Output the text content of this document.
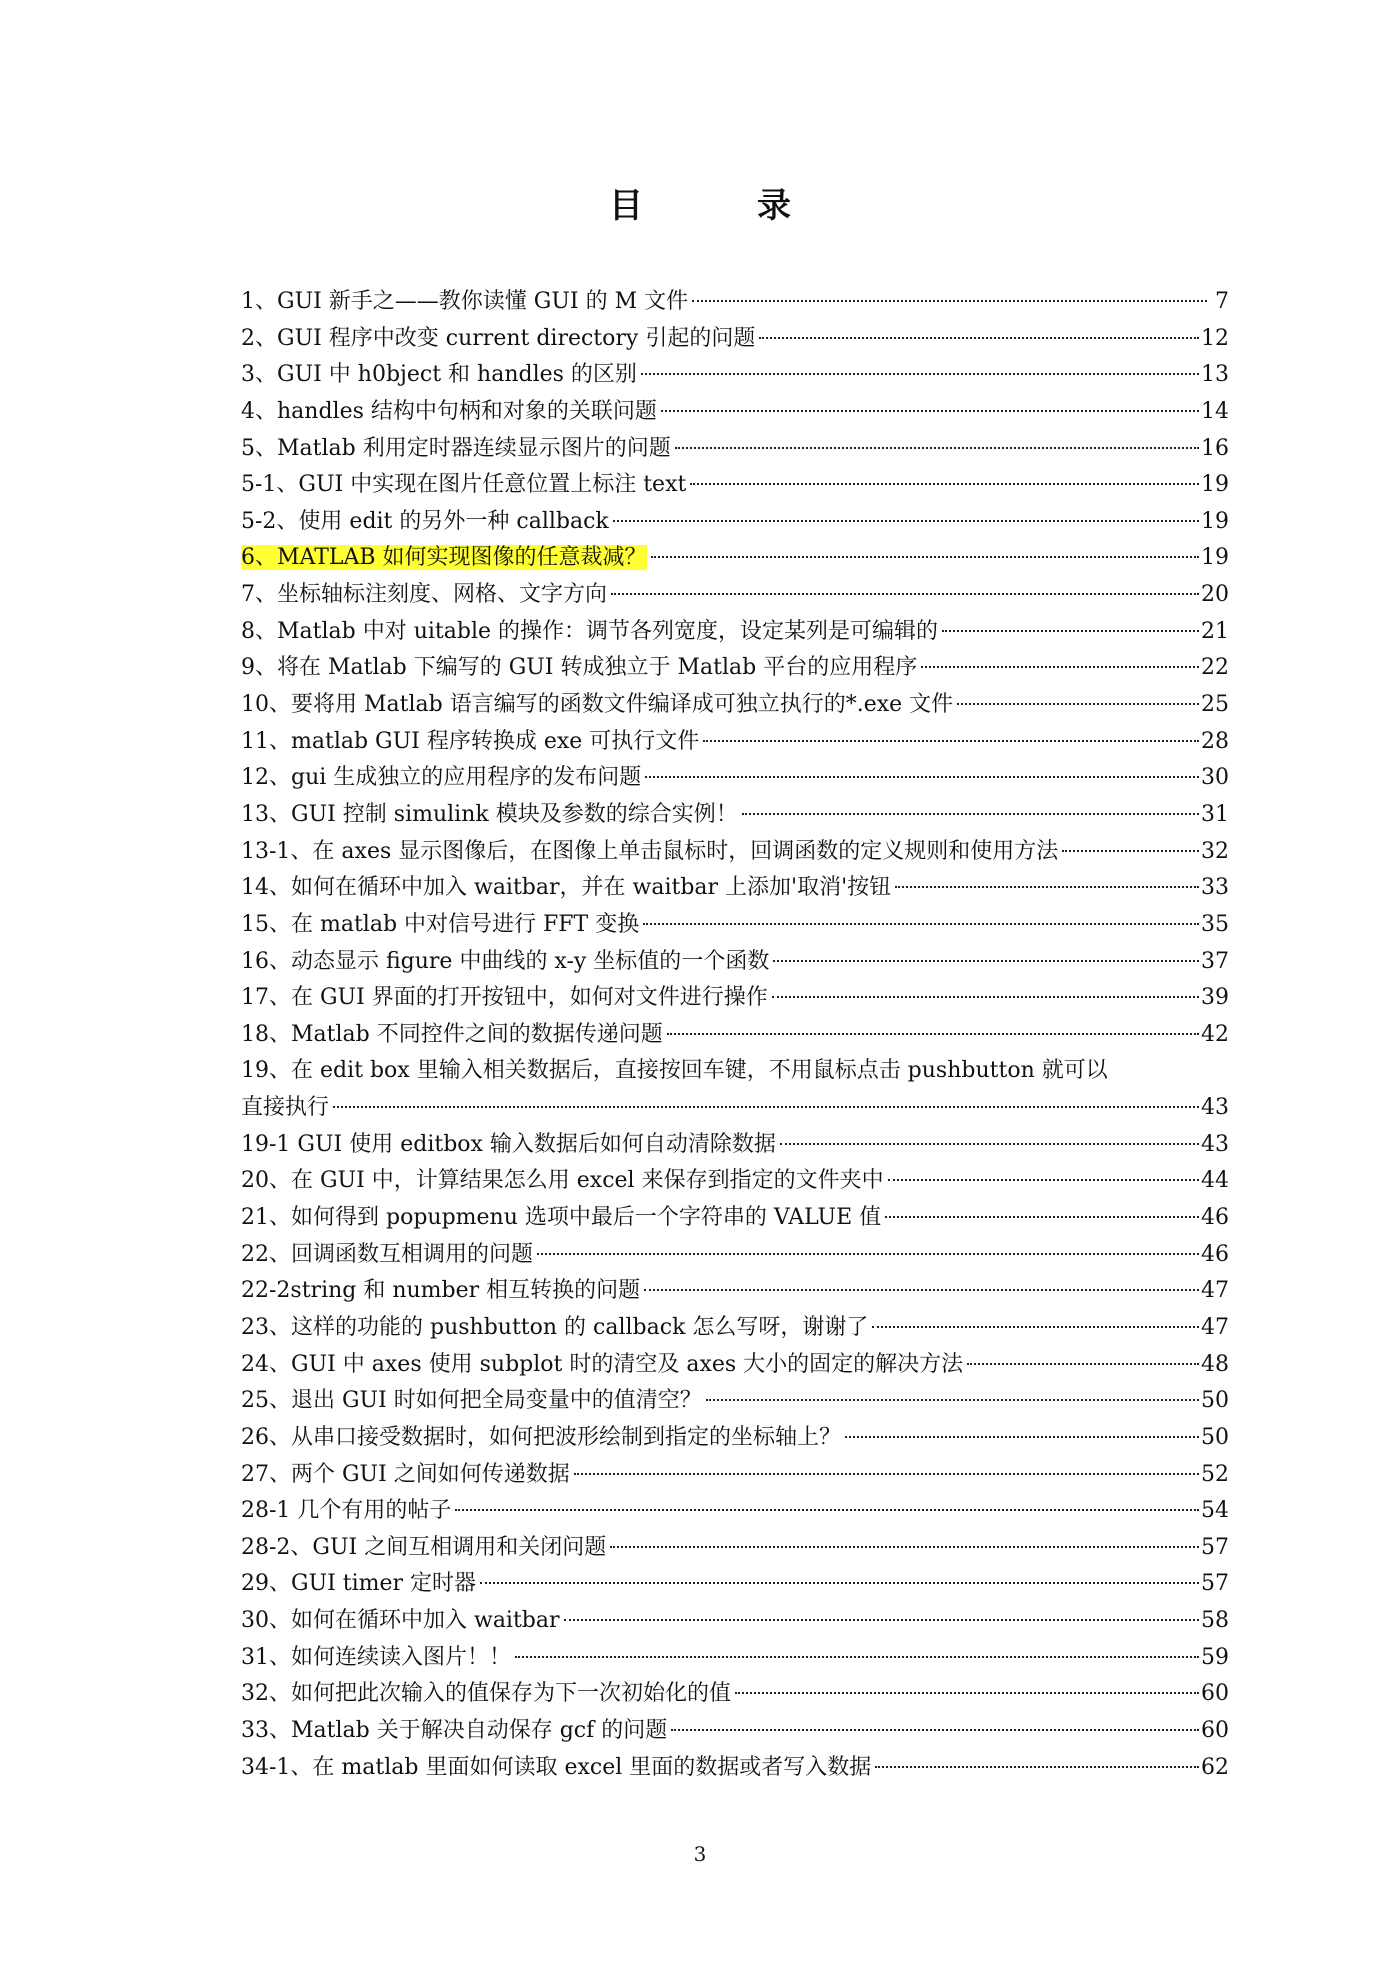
目　录
1、GUI 新手之——教你读懂 GUI 的 M 文件	7
2、GUI 程序中改变 current directory 引起的问题	12
3、GUI 中 h0bject 和 handles 的区别	13
4、handles 结构中句柄和对象的关联问题	14
5、Matlab 利用定时器连续显示图片的问题	16
5-1、GUI 中实现在图片任意位置上标注 text	19
5-2、使用 edit 的另外一种 callback	19
6、MATLAB 如何实现图像的任意裁减？	19
7、坐标轴标注刻度、网格、文字方向	20
8、Matlab 中对 uitable 的操作：调节各列宽度，设定某列是可编辑的	21
9、将在 Matlab 下编写的 GUI 转成独立于 Matlab 平台的应用程序	22
10、要将用 Matlab 语言编写的函数文件编译成可独立执行的*.exe 文件	25
11、matlab GUI 程序转换成 exe 可执行文件	28
12、gui 生成独立的应用程序的发布问题	30
13、GUI 控制 simulink 模块及参数的综合实例！	31
13-1、在 axes 显示图像后，在图像上单击鼠标时，回调函数的定义规则和使用方法	32
14、如何在循环中加入 waitbar，并在 waitbar 上添加'取消'按钮	33
15、在 matlab 中对信号进行 FFT 变换	35
16、动态显示 figure 中曲线的 x-y 坐标值的一个函数	37
17、在 GUI 界面的打开按钮中，如何对文件进行操作	39
18、Matlab 不同控件之间的数据传递问题	42
19、在 edit box 里输入相关数据后，直接按回车键，不用鼠标点击 pushbutton 就可以
直接执行	43
19-1 GUI 使用 editbox 输入数据后如何自动清除数据	43
20、在 GUI 中，计算结果怎么用 excel 来保存到指定的文件夹中	44
21、如何得到 popupmenu 选项中最后一个字符串的 VALUE 值	46
22、回调函数互相调用的问题	46
22-2string 和 number 相互转换的问题	47
23、这样的功能的 pushbutton 的 callback 怎么写呀，谢谢了	47
24、GUI 中 axes 使用 subplot 时的清空及 axes 大小的固定的解决方法	48
25、退出 GUI 时如何把全局变量中的值清空？	50
26、从串口接受数据时，如何把波形绘制到指定的坐标轴上？	50
27、两个 GUI 之间如何传递数据	52
28-1 几个有用的帖子	54
28-2、GUI 之间互相调用和关闭问题	57
29、GUI timer 定时器	57
30、如何在循环中加入 waitbar	58
31、如何连续读入图片！！	59
32、如何把此次输入的值保存为下一次初始化的值	60
33、Matlab 关于解决自动保存 gcf 的问题	60
34-1、在 matlab 里面如何读取 excel 里面的数据或者写入数据	62
3
